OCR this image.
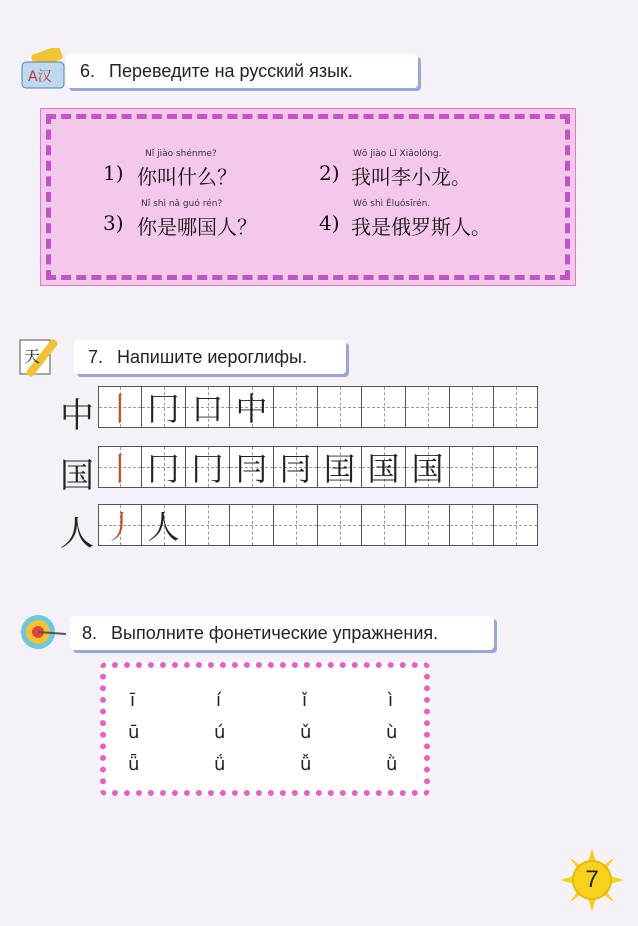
A汉 6. Переведите на русский язык.
Nǐ jiào shénme?
1) 你叫什么？
Wǒ jiào Lǐ Xiǎolóng.
2) 我叫李小龙。
Nǐ shì nǎ guó rén?
3) 你是哪国人？
Wǒ shì Éluósīrén.
4) 我是俄罗斯人。
天	7. Напишите иероглифы.
中 丨 冂 口 中
国 丨 冂 冂 冃 冃 囯 国 国
人 丿 人
8. Выполните фонетические упражнения.
ī	í	ǐ	ì
ū	ú	ǔ	ù
ǖ	ǘ	ǚ	ǜ
7
